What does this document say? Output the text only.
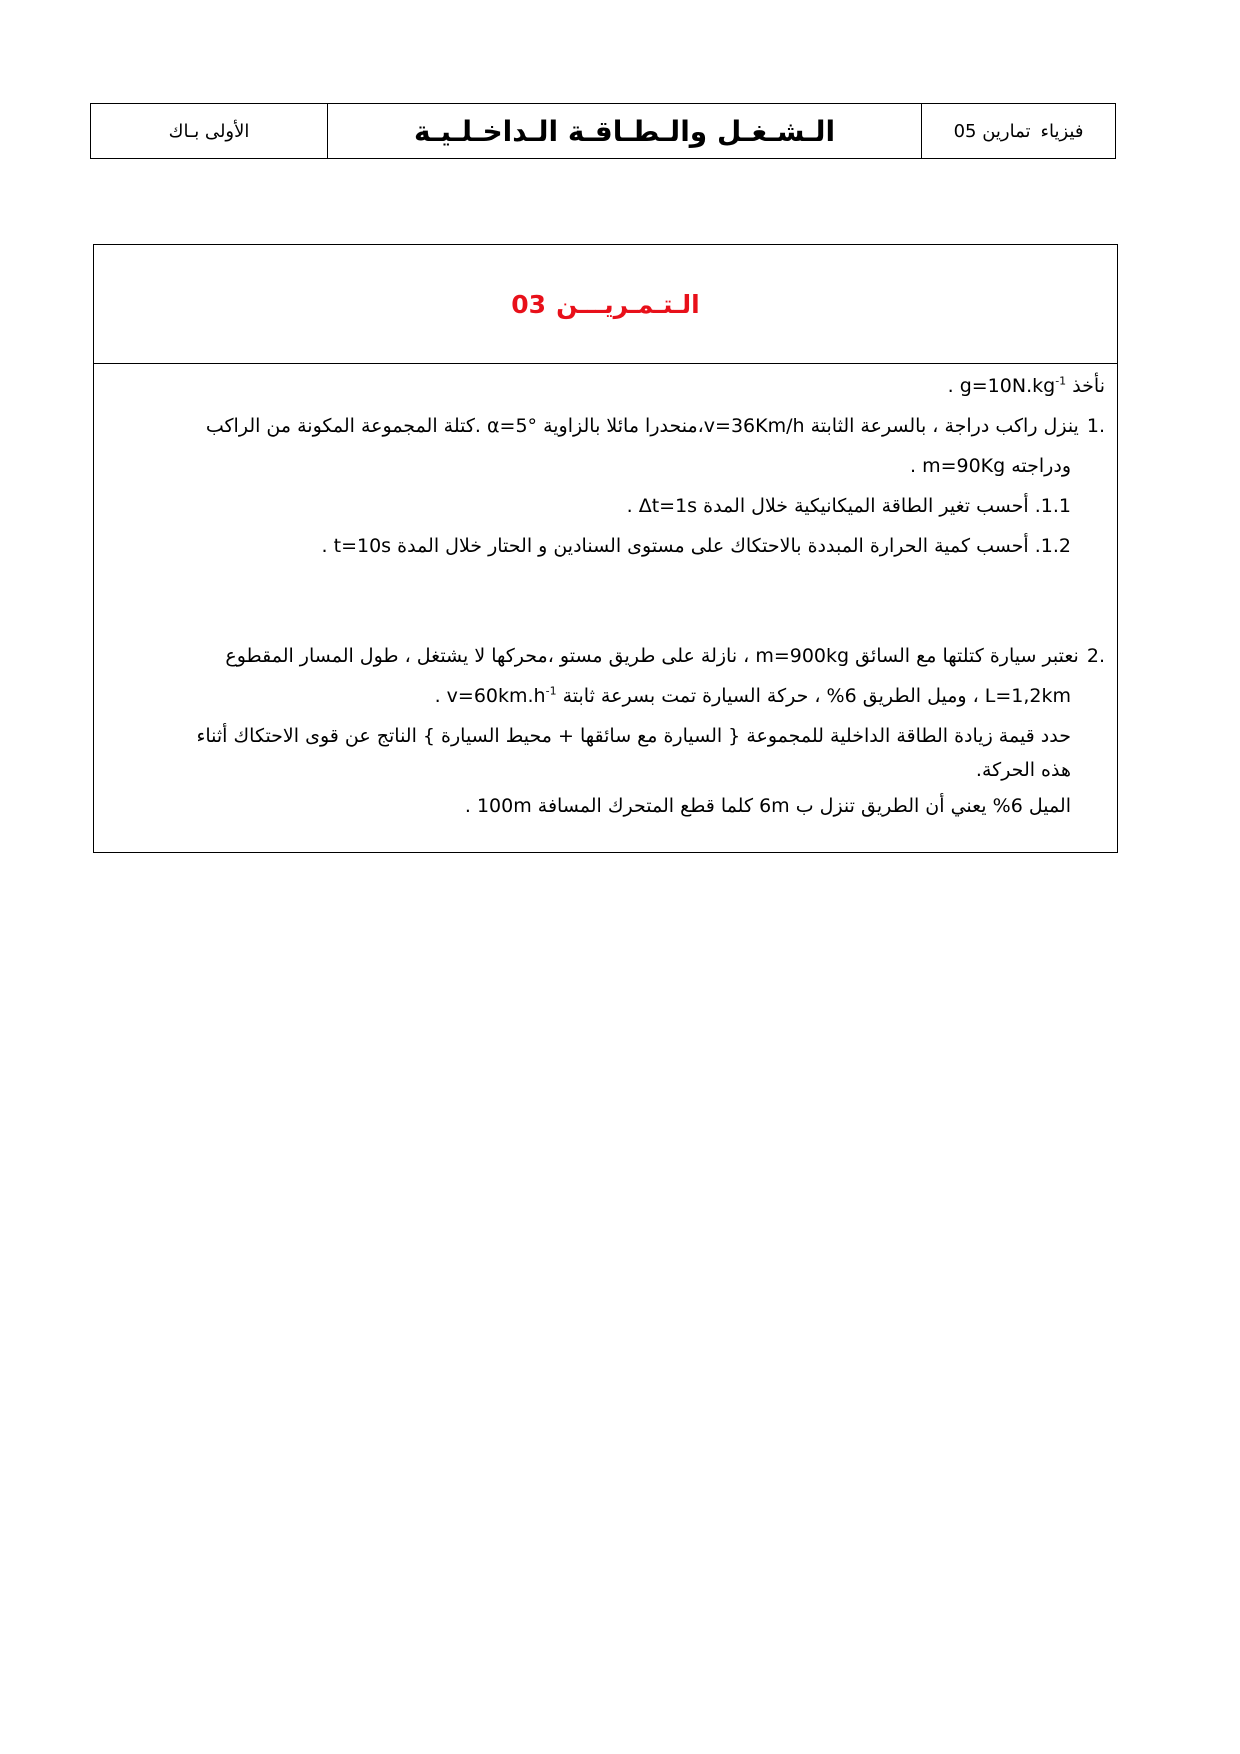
الأولى بـاك	الـشـغـل والـطـاقـة الـداخـلـيـة	فيزياء
تمارين 05
الـتـمـريـــن
03
نأخذ $g=10N.kg^{-1}$ .
.1ينزل راكب دراجة ، بالسرعة الثابتة v=36Km/h،منحدرا مائلا بالزاوية α=5° .كتلة المجموعة المكونة من الراكب
ودراجته m=90Kg .
1.1. أحسب تغير الطاقة الميكانيكية خلال المدة Δt=1s .
1.2. أحسب كمية الحرارة المبددة بالاحتكاك على مستوى السنادين و الحتار خلال المدة t=10s .
.2نعتبر سيارة كتلتها مع السائق m=900kg ، نازلة على طريق مستو ،محركها لا يشتغل ، طول المسار المقطوع
L=1,2km ، وميل الطريق 6% ، حركة السيارة تمت بسرعة ثابتة $v=60km.h^{-1}$ .
حدد قيمة زيادة الطاقة الداخلية للمجموعة { السيارة مع سائقها + محيط السيارة } الناتج عن قوى الاحتكاك أثناء
هذه الحركة.
الميل 6% يعني أن الطريق تنزل ب 6m كلما قطع المتحرك المسافة 100m .
